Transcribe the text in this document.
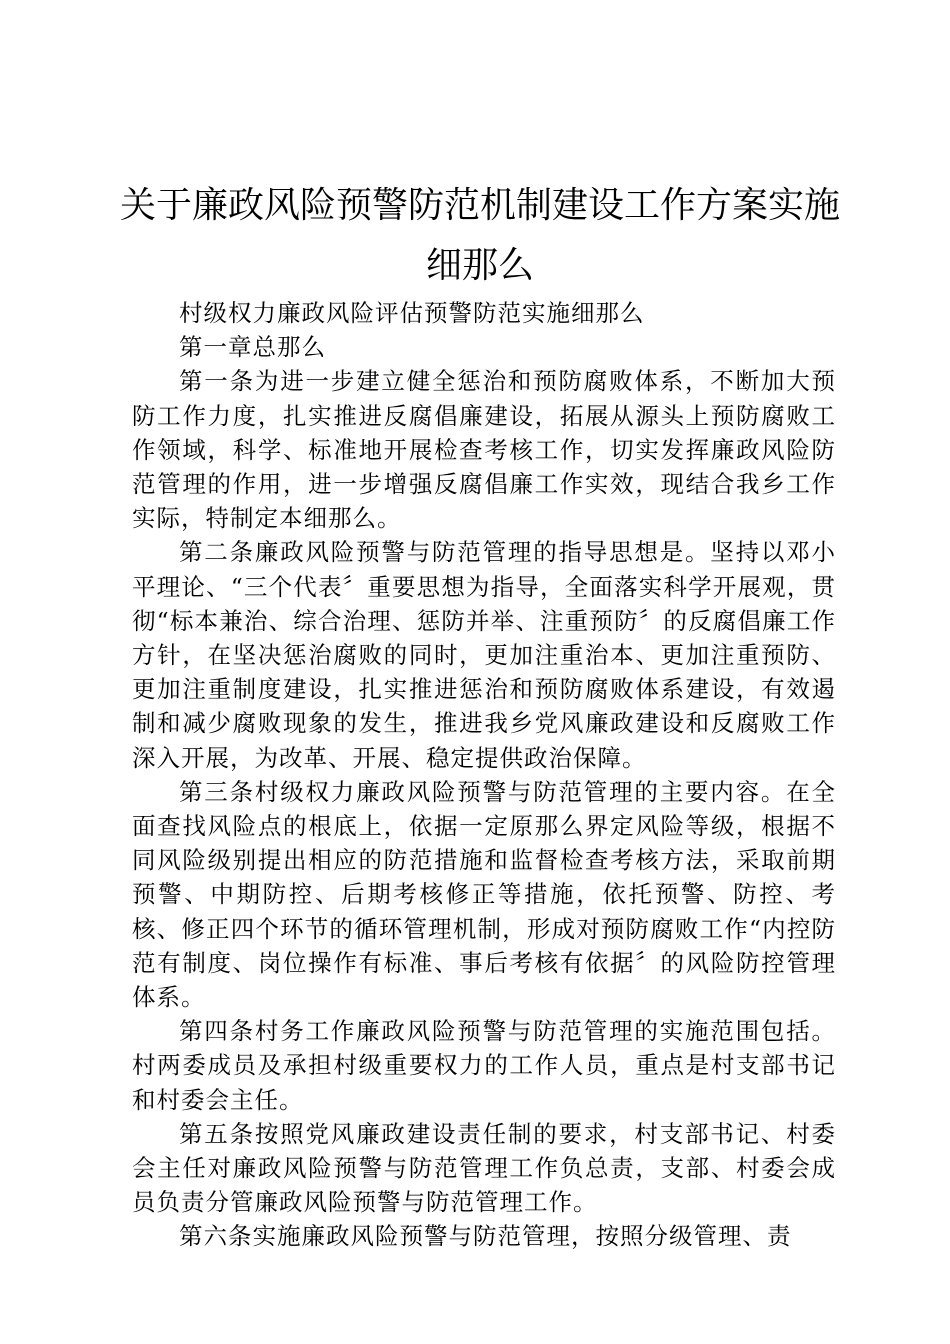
关于廉政风险预警防范机制建设工作方案实施细那么

村级权力廉政风险评估预警防范实施细那么

第一章总那么

第一条为进一步建立健全惩治和预防腐败体系，不断加大预防工作力度，扎实推进反腐倡廉建设，拓展从源头上预防腐败工作领域，科学、标准地开展检查考核工作，切实发挥廉政风险防范管理的作用，进一步增强反腐倡廉工作实效，现结合我乡工作实际，特制定本细那么。

第二条廉政风险预警与防范管理的指导思想是。坚持以邓小平理论、“三个代表〞重要思想为指导，全面落实科学开展观，贯彻“标本兼治、综合治理、惩防并举、注重预防〞的反腐倡廉工作方针，在坚决惩治腐败的同时，更加注重治本、更加注重预防、更加注重制度建设，扎实推进惩治和预防腐败体系建设，有效遏制和减少腐败现象的发生，推进我乡党风廉政建设和反腐败工作深入开展，为改革、开展、稳定提供政治保障。

第三条村级权力廉政风险预警与防范管理的主要内容。在全面查找风险点的根底上，依据一定原那么界定风险等级，根据不同风险级别提出相应的防范措施和监督检查考核方法，采取前期预警、中期防控、后期考核修正等措施，依托预警、防控、考核、修正四个环节的循环管理机制，形成对预防腐败工作“内控防范有制度、岗位操作有标准、事后考核有依据〞的风险防控管理体系。

第四条村务工作廉政风险预警与防范管理的实施范围包括。村两委成员及承担村级重要权力的工作人员，重点是村支部书记和村委会主任。

第五条按照党风廉政建设责任制的要求，村支部书记、村委会主任对廉政风险预警与防范管理工作负总责，支部、村委会成员负责分管廉政风险预警与防范管理工作。

第六条实施廉政风险预警与防范管理，按照分级管理、责
